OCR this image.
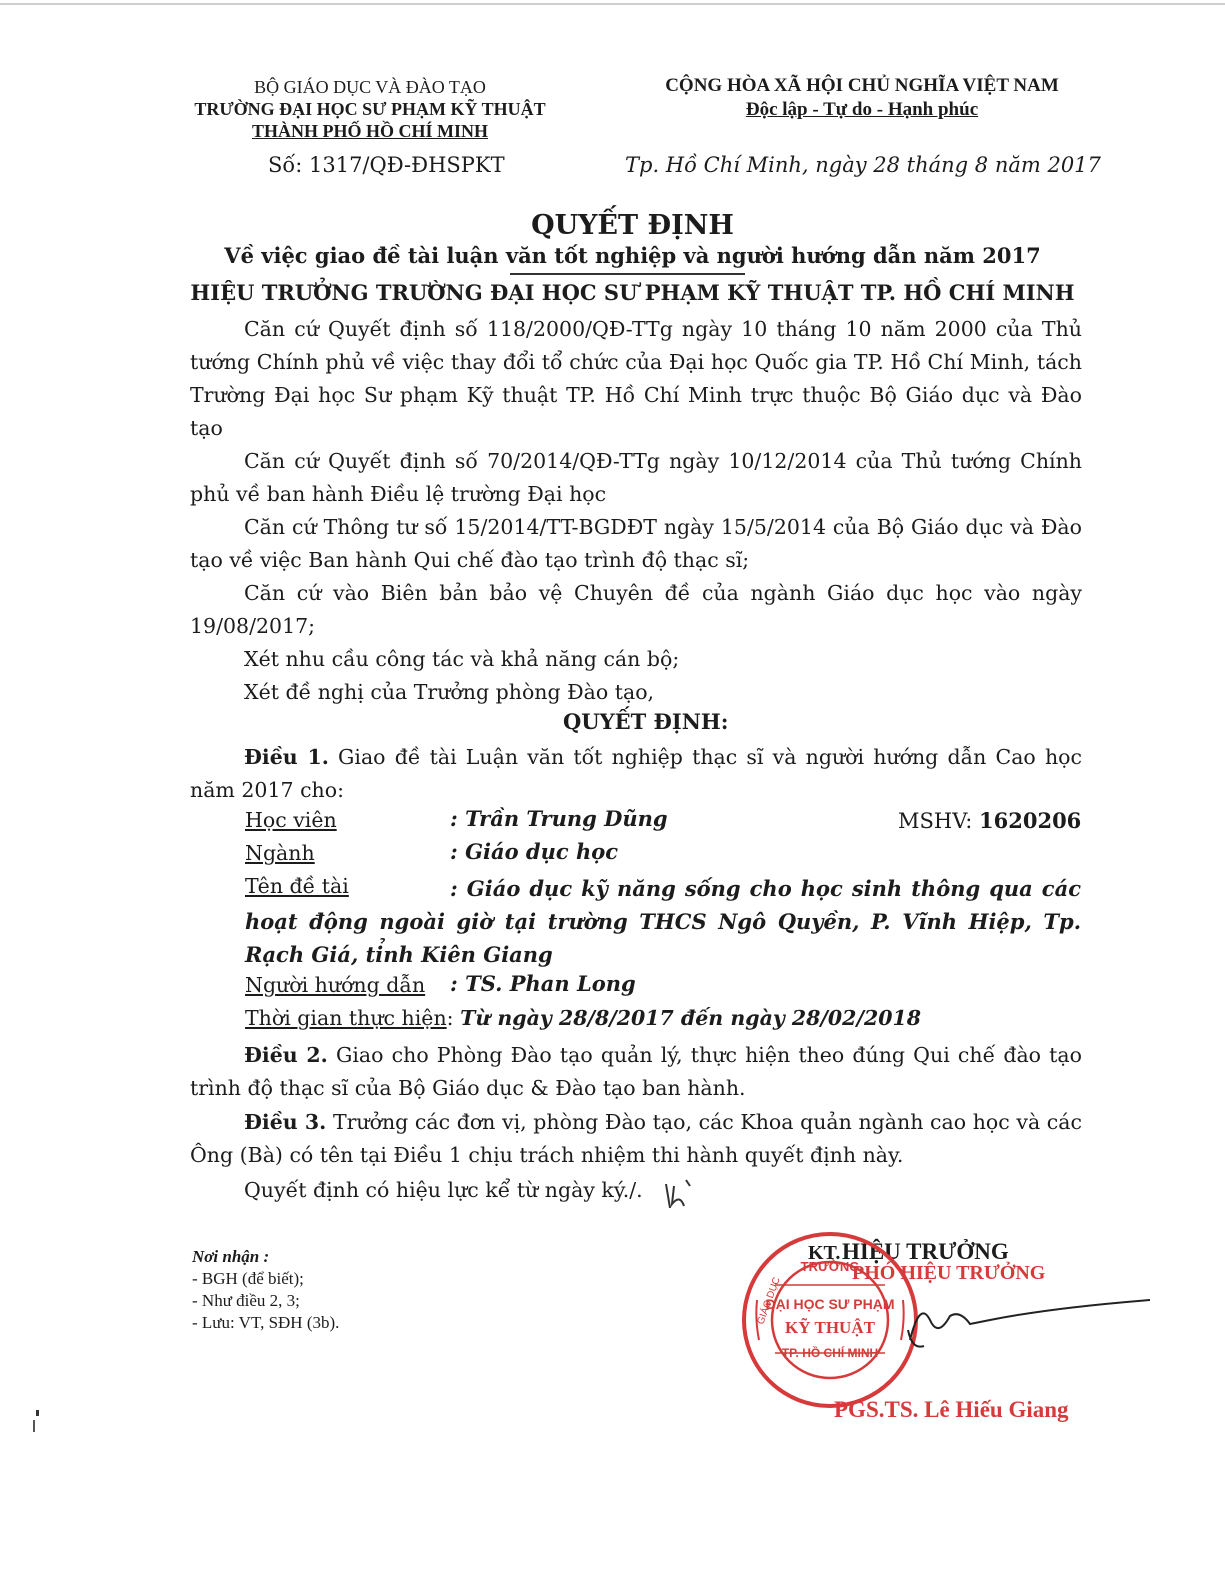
BỘ GIÁO DỤC VÀ ĐÀO TẠO
TRƯỜNG ĐẠI HỌC SƯ PHẠM KỸ THUẬT
THÀNH PHỐ HỒ CHÍ MINH
CỘNG HÒA XÃ HỘI CHỦ NGHĨA VIỆT NAM
Độc lập - Tự do - Hạnh phúc
Số: 1317/QĐ-ĐHSPKT	Tp. Hồ Chí Minh, ngày 28 tháng 8 năm 2017
QUYẾT ĐỊNH
Về việc giao đề tài luận văn tốt nghiệp và người hướng dẫn năm 2017
HIỆU TRƯỞNG TRƯỜNG ĐẠI HỌC SƯ PHẠM KỸ THUẬT TP. HỒ CHÍ MINH
Căn cứ Quyết định số 118/2000/QĐ-TTg ngày 10 tháng 10 năm 2000 của Thủ tướng Chính phủ về việc thay đổi tổ chức của Đại học Quốc gia TP. Hồ Chí Minh, tách Trường Đại học Sư phạm Kỹ thuật TP. Hồ Chí Minh trực thuộc Bộ Giáo dục và Đào tạo
Căn cứ Quyết định số 70/2014/QĐ-TTg ngày 10/12/2014 của Thủ tướng Chính phủ về ban hành Điều lệ trường Đại học
Căn cứ Thông tư số 15/2014/TT-BGDĐT ngày 15/5/2014 của Bộ Giáo dục và Đào tạo về việc Ban hành Qui chế đào tạo trình độ thạc sĩ;
Căn cứ vào Biên bản bảo vệ Chuyên đề của ngành Giáo dục học vào ngày 19/08/2017;
Xét nhu cầu công tác và khả năng cán bộ;
Xét đề nghị của Trưởng phòng Đào tạo,
QUYẾT ĐỊNH:
Điều 1. Giao đề tài Luận văn tốt nghiệp thạc sĩ và người hướng dẫn Cao học năm 2017 cho:
Học viên	: Trần Trung Dũng	MSHV: 1620206
Ngành	: Giáo dục học
Tên đề tài	: Giáo dục kỹ năng sống cho học sinh thông qua các hoạt động ngoài giờ tại trường THCS Ngô Quyền, P. Vĩnh Hiệp, Tp. Rạch Giá, tỉnh Kiên Giang
Người hướng dẫn : TS. Phan Long
Thời gian thực hiện: Từ ngày 28/8/2017 đến ngày 28/02/2018
Điều 2. Giao cho Phòng Đào tạo quản lý, thực hiện theo đúng Qui chế đào tạo trình độ thạc sĩ của Bộ Giáo dục & Đào tạo ban hành.
Điều 3. Trưởng các đơn vị, phòng Đào tạo, các Khoa quản ngành cao học và các Ông (Bà) có tên tại Điều 1 chịu trách nhiệm thi hành quyết định này.
Quyết định có hiệu lực kể từ ngày ký./.
Nơi nhận :
- BGH (để biết);
- Như điều 2, 3;
- Lưu: VT, SĐH (3b).
KT. HIỆU TRƯỞNG
PHÓ HIỆU TRƯỞNG
TRƯỜNG
ĐẠI HỌC SƯ PHẠM
KỸ THUẬT
TP. HỒ CHÍ MINH
GIÁO DỤC
PGS.TS. Lê Hiếu Giang
